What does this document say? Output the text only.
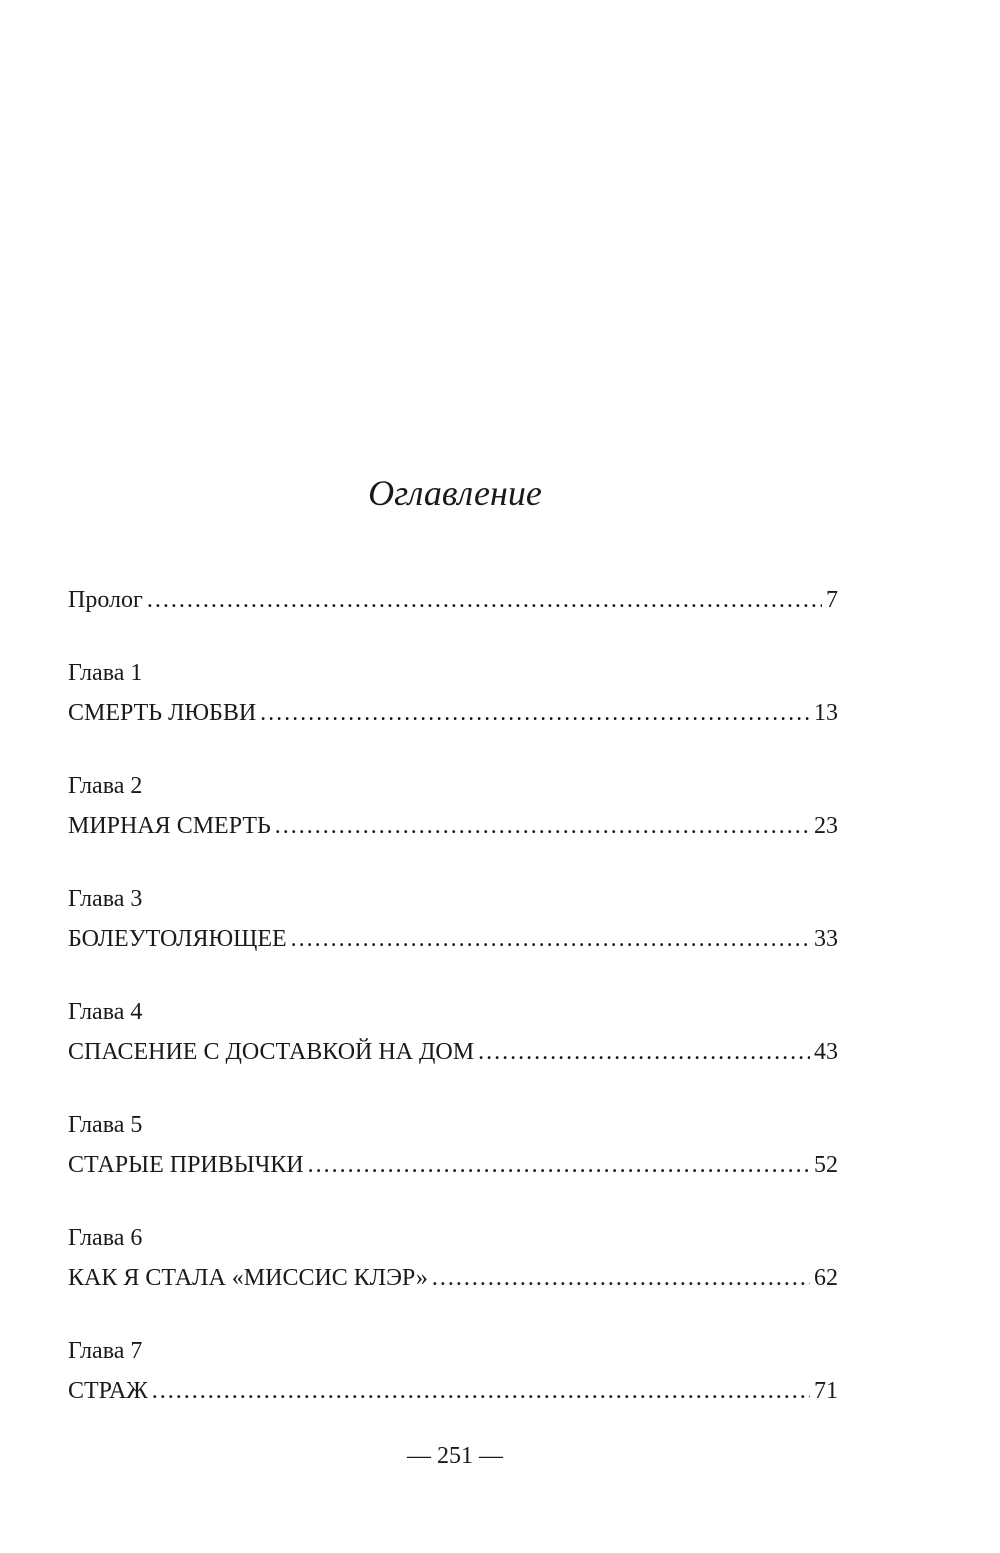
Оглавление
Пролог . . .	7
Глава 1
СМЕРТЬ ЛЮБВИ . . .	13
Глава 2
МИРНАЯ СМЕРТЬ . . .	23
Глава 3
БОЛЕУТОЛЯЮЩЕЕ . . .	33
Глава 4
СПАСЕНИЕ С ДОСТАВКОЙ НА ДОМ . . .	43
Глава 5
СТАРЫЕ ПРИВЫЧКИ . . .	52
Глава 6
КАК Я СТАЛА «МИССИС КЛЭР» . . .	62
Глава 7
СТРАЖ . . .	71
— 251 —
